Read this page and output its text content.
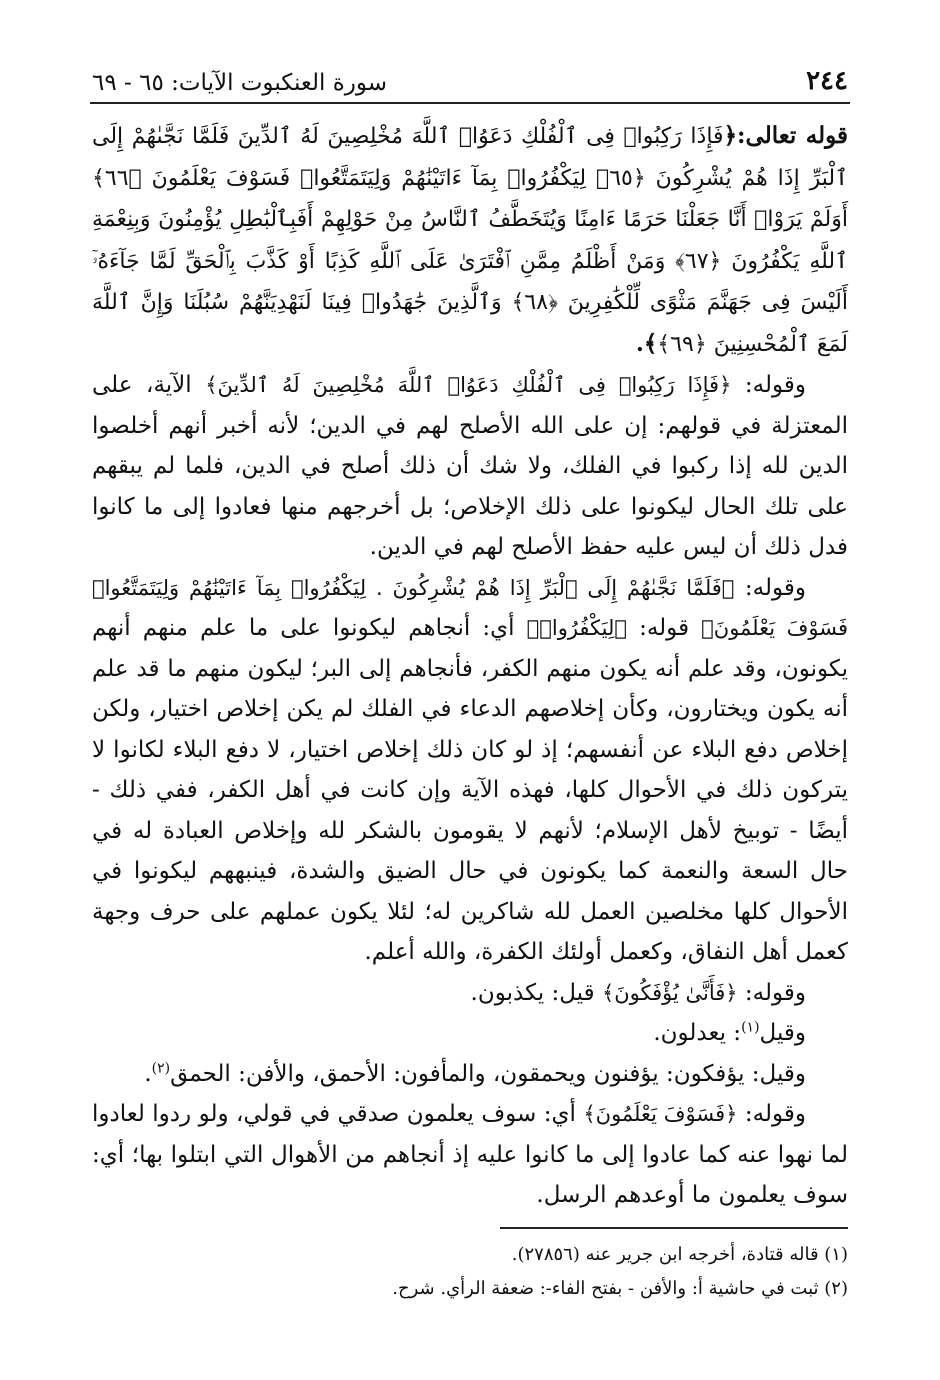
٢٤٤
سورة العنكبوت الآيات: ٦٥ - ٦٩

قوله تعالى:﴿فَإِذَا رَكِبُوا۟ فِى ٱلْفُلْكِ دَعَوُا۟ ٱللَّهَ مُخْلِصِينَ لَهُ ٱلدِّينَ فَلَمَّا نَجَّىٰهُمْ إِلَى ٱلْبَرِّ إِذَا هُمْ يُشْرِكُونَ ﴿٦٥﴾ لِيَكْفُرُوا۟ بِمَآ ءَاتَيْنَٰهُمْ وَلِيَتَمَتَّعُوا۟ فَسَوْفَ يَعْلَمُونَ ﴿٦٦﴾ أَوَلَمْ يَرَوْا۟ أَنَّا جَعَلْنَا حَرَمًا ءَامِنًا وَيُتَخَطَّفُ ٱلنَّاسُ مِنْ حَوْلِهِمْ أَفَبِٱلْبَٰطِلِ يُؤْمِنُونَ وَبِنِعْمَةِ ٱللَّهِ يَكْفُرُونَ ﴿٦٧﴾ وَمَنْ أَظْلَمُ مِمَّنِ ٱفْتَرَىٰ عَلَى ٱللَّهِ كَذِبًا أَوْ كَذَّبَ بِٱلْحَقِّ لَمَّا جَآءَهُۥٓ أَلَيْسَ فِى جَهَنَّمَ مَثْوًى لِّلْكَٰفِرِينَ ﴿٦٨﴾ وَٱلَّذِينَ جَٰهَدُوا۟ فِينَا لَنَهْدِيَنَّهُمْ سُبُلَنَا وَإِنَّ ٱللَّهَ لَمَعَ ٱلْمُحْسِنِينَ ﴿٦٩﴾﴾.

وقوله: ﴿فَإِذَا رَكِبُوا۟ فِى ٱلْفُلْكِ دَعَوُا۟ ٱللَّهَ مُخْلِصِينَ لَهُ ٱلدِّينَ﴾ الآية، على المعتزلة في قولهم: إن على الله الأصلح لهم في الدين؛ لأنه أخبر أنهم أخلصوا الدين لله إذا ركبوا في الفلك، ولا شك أن ذلك أصلح في الدين، فلما لم يبقهم على تلك الحال ليكونوا على ذلك الإخلاص؛ بل أخرجهم منها فعادوا إلى ما كانوا فدل ذلك أن ليس عليه حفظ الأصلح لهم في الدين.

وقوله: ﴿فَلَمَّا نَجَّىٰهُمْ إِلَى ٱلْبَرِّ إِذَا هُمْ يُشْرِكُونَ . لِيَكْفُرُوا۟ بِمَآ ءَاتَيْنَٰهُمْ وَلِيَتَمَتَّعُوا۟ فَسَوْفَ يَعْلَمُونَ﴾ قوله: ﴿لِيَكْفُرُوا۟﴾ أي: أنجاهم ليكونوا على ما علم منهم أنهم يكونون، وقد علم أنه يكون منهم الكفر، فأنجاهم إلى البر؛ ليكون منهم ما قد علم أنه يكون ويختارون، وكأن إخلاصهم الدعاء في الفلك لم يكن إخلاص اختيار، ولكن إخلاص دفع البلاء عن أنفسهم؛ إذ لو كان ذلك إخلاص اختيار، لا دفع البلاء لكانوا لا يتركون ذلك في الأحوال كلها، فهذه الآية وإن كانت في أهل الكفر، ففي ذلك - أيضًا - توبيخ لأهل الإسلام؛ لأنهم لا يقومون بالشكر لله وإخلاص العبادة له في حال السعة والنعمة كما يكونون في حال الضيق والشدة، فينبههم ليكونوا في الأحوال كلها مخلصين العمل لله شاكرين له؛ لئلا يكون عملهم على حرف وجهة كعمل أهل النفاق، وكعمل أولئك الكفرة، والله أعلم.

وقوله: ﴿فَأَنَّىٰ يُؤْفَكُونَ﴾ قيل: يكذبون.

وقيل$^{(١)}$: يعدلون.

وقيل: يؤفكون: يؤفنون ويحمقون، والمأفون: الأحمق، والأفن: الحمق$^{(٢)}$.

وقوله: ﴿فَسَوْفَ يَعْلَمُونَ﴾ أي: سوف يعلمون صدقي في قولي، ولو ردوا لعادوا لما نهوا عنه كما عادوا إلى ما كانوا عليه إذ أنجاهم من الأهوال التي ابتلوا بها؛ أي: سوف يعلمون ما أوعدهم الرسل.

(١) قاله قتادة، أخرجه ابن جرير عنه (٢٧٨٥٦).

(٢) ثبت في حاشية أ: والأفن - بفتح الفاء-: ضعفة الرأي. شرح.
